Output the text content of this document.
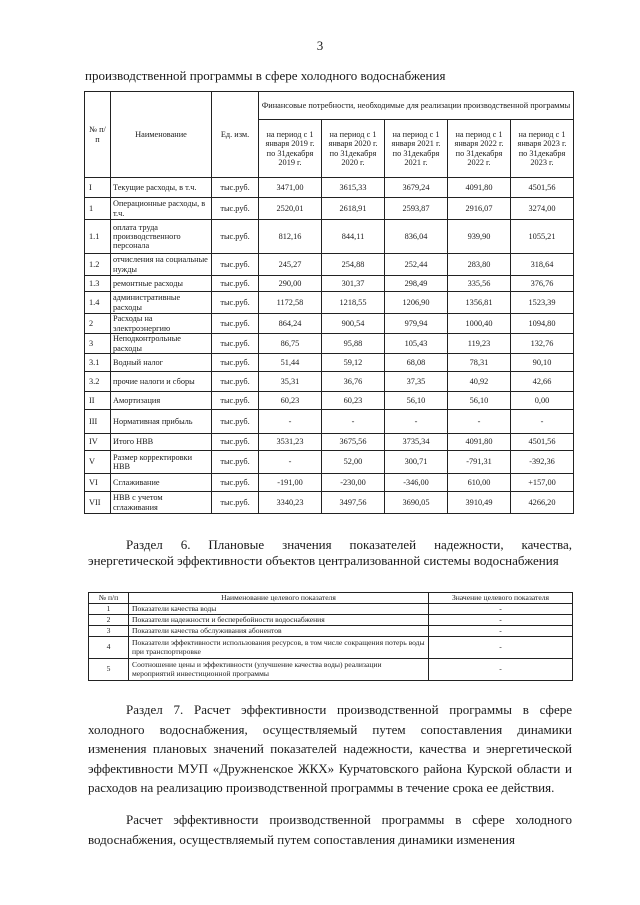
3
производственной программы в сфере холодного водоснабжения
№ п/п	Наименование	Ед. изм.	Финансовые потребности, необходимые для реализации производственной программы				
			на период с 1 января 2019 г. по 31декабря 2019 г.	на период с 1 января 2020 г. по 31декабря 2020 г.	на период с 1 января 2021 г. по 31декабря 2021 г.	на период с 1 января 2022 г. по 31декабря 2022 г.	на период с 1 января 2023 г. по 31декабря 2023 г.
I	Текущие расходы, в т.ч.	тыс.руб.	3471,00	3615,33	3679,24	4091,80	4501,56
1	Операционные расходы, в т.ч.	тыс.руб.	2520,01	2618,91	2593,87	2916,07	3274,00
1.1	оплата труда производственного персонала	тыс.руб.	812,16	844,11	836,04	939,90	1055,21
1.2	отчисления на социальные нужды	тыс.руб.	245,27	254,88	252,44	283,80	318,64
1.3	ремонтные расходы	тыс.руб.	290,00	301,37	298,49	335,56	376,76
1.4	административные расходы	тыс.руб.	1172,58	1218,55	1206,90	1356,81	1523,39
2	Расходы на электроэнергию	тыс.руб.	864,24	900,54	979,94	1000,40	1094,80
3	Неподконтрольные расходы	тыс.руб.	86,75	95,88	105,43	119,23	132,76
3.1	Водный налог	тыс.руб.	51,44	59,12	68,08	78,31	90,10
3.2	прочие налоги и сборы	тыс.руб.	35,31	36,76	37,35	40,92	42,66
II	Амортизация	тыс.руб.	60,23	60,23	56,10	56,10	0,00
III	Нормативная прибыль	тыс.руб.	-	-	-	-	-
IV	Итого НВВ	тыс.руб.	3531,23	3675,56	3735,34	4091,80	4501,56
V	Размер корректировки НВВ	тыс.руб.	-	52,00	300,71	-791,31	-392,36
VI	Сглаживание	тыс.руб.	-191,00	-230,00	-346,00	610,00	+157,00
VII	НВВ с учетом сглаживания	тыс.руб.	3340,23	3497,56	3690,05	3910,49	4266,20
Раздел 6. Плановые значения показателей надежности, качества, энергетической эффективности объектов централизованной системы водоснабжения
№ п/п	Наименование целевого показателя	Значение целевого показателя
1	Показатели качества воды	-
2	Показатели надежности и бесперебойности водоснабжения	-
3	Показатели качества обслуживания абонентов	-
4	Показатели эффективности использования ресурсов, в том числе сокращения потерь воды при транспортировке	-
5	Соотношение цены и эффективности (улучшение качества воды) реализации мероприятий инвестиционной программы	-
Раздел 7. Расчет эффективности производственной программы в сфере холодного водоснабжения, осуществляемый путем сопоставления динамики изменения плановых значений показателей надежности, качества и энергетической эффективности МУП «Дружненское ЖКХ» Курчатовского района Курской области и расходов на реализацию производственной программы в течение срока ее действия.
Расчет эффективности производственной программы в сфере холодного водоснабжения, осуществляемый путем сопоставления динамики изменения
